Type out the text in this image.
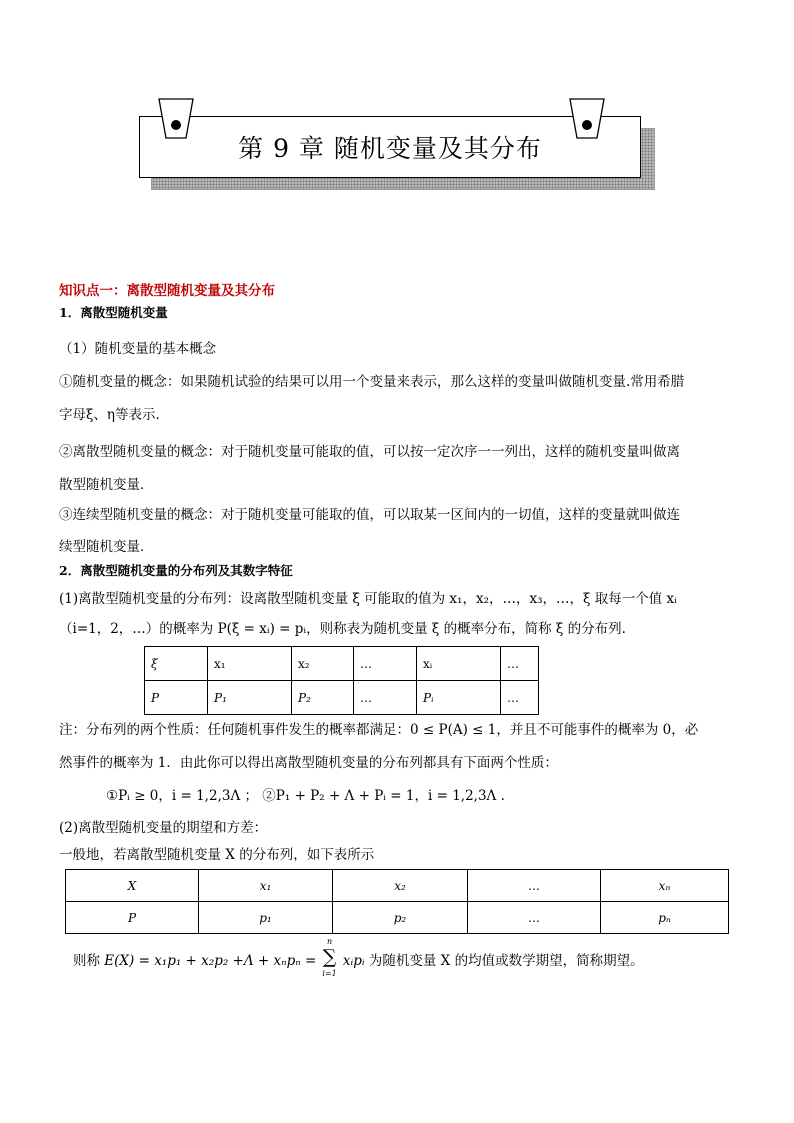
第 9 章 随机变量及其分布
知识点一：离散型随机变量及其分布
1．离散型随机变量
（1）随机变量的基本概念
①随机变量的概念：如果随机试验的结果可以用一个变量来表示，那么这样的变量叫做随机变量.常用希腊
字母ξ、η等表示．
②离散型随机变量的概念：对于随机变量可能取的值，可以按一定次序一一列出，这样的随机变量叫做离
散型随机变量．
③连续型随机变量的概念：对于随机变量可能取的值，可以取某一区间内的一切值，这样的变量就叫做连
续型随机变量．
2．离散型随机变量的分布列及其数字特征
(1)离散型随机变量的分布列：设离散型随机变量 ξ 可能取的值为 x₁，x₂，…，x₃，…，ξ 取每一个值 xᵢ
（i=1，2，…）的概率为 P(ξ = xᵢ) = pᵢ，则称表为随机变量 ξ 的概率分布，简称 ξ 的分布列.
ξ	x₁	x₂	…	xᵢ	…
P	P₁	P₂	…	Pᵢ	…
注：分布列的两个性质：任何随机事件发生的概率都满足：0 ≤ P(A) ≤ 1，并且不可能事件的概率为 0，必
然事件的概率为 1．由此你可以得出离散型随机变量的分布列都具有下面两个性质：
①Pᵢ ≥ 0，i = 1,2,3Λ ； ②P₁ + P₂ + Λ + Pᵢ = 1，i = 1,2,3Λ .
(2)离散型随机变量的期望和方差：
一般地，若离散型随机变量 X 的分布列，如下表所示
X	x₁	x₂	…	xₙ
P	p₁	p₂	…	pₙ
则称 E(X) = x₁p₁ + x₂p₂ +Λ + xₙpₙ =
n
∑
i=1
xᵢpᵢ 为随机变量 X 的均值或数学期望，简称期望。
